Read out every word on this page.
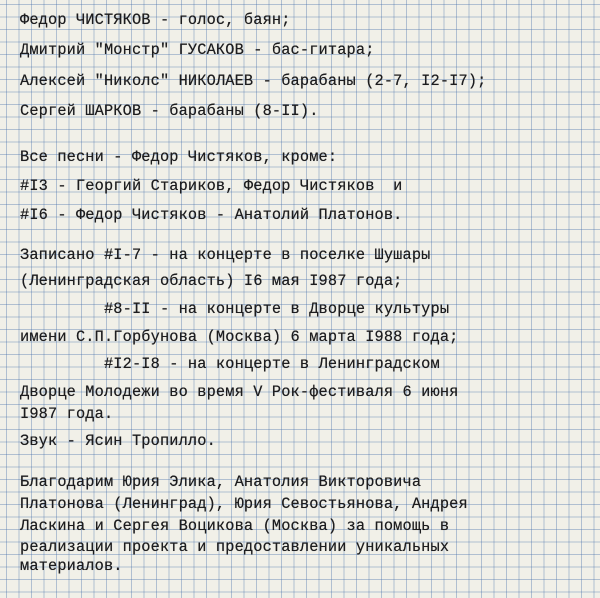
Федор ЧИСТЯКОВ - голос, баян;
Дмитрий "Монстр" ГУСАКОВ - бас-гитара;
Алексей "Николс" НИКОЛАЕВ - барабаны (2-7, I2-I7);
Сергей ШАРКОВ - барабаны (8-II).
Все песни - Федор Чистяков, кроме:
#I3 - Георгий Стариков, Федор Чистяков  и
#I6 - Федор Чистяков - Анатолий Платонов.
Записано #I-7 - на концерте в поселке Шушары
(Ленинградская область) I6 мая I987 года;
#8-II - на концерте в Дворце культуры
имени С.П.Горбунова (Москва) 6 марта I988 года;
#I2-I8 - на концерте в Ленинградском
Дворце Молодежи во время V Рок-фестиваля 6 июня
I987 года.
Звук - Ясин Тропилло.
Благодарим Юрия Элика, Анатолия Викторовича
Платонова (Ленинград), Юрия Севостьянова, Андрея
Ласкина и Сергея Воцикова (Москва) за помощь в
реализации проекта и предоставлении уникальных
материалов.
